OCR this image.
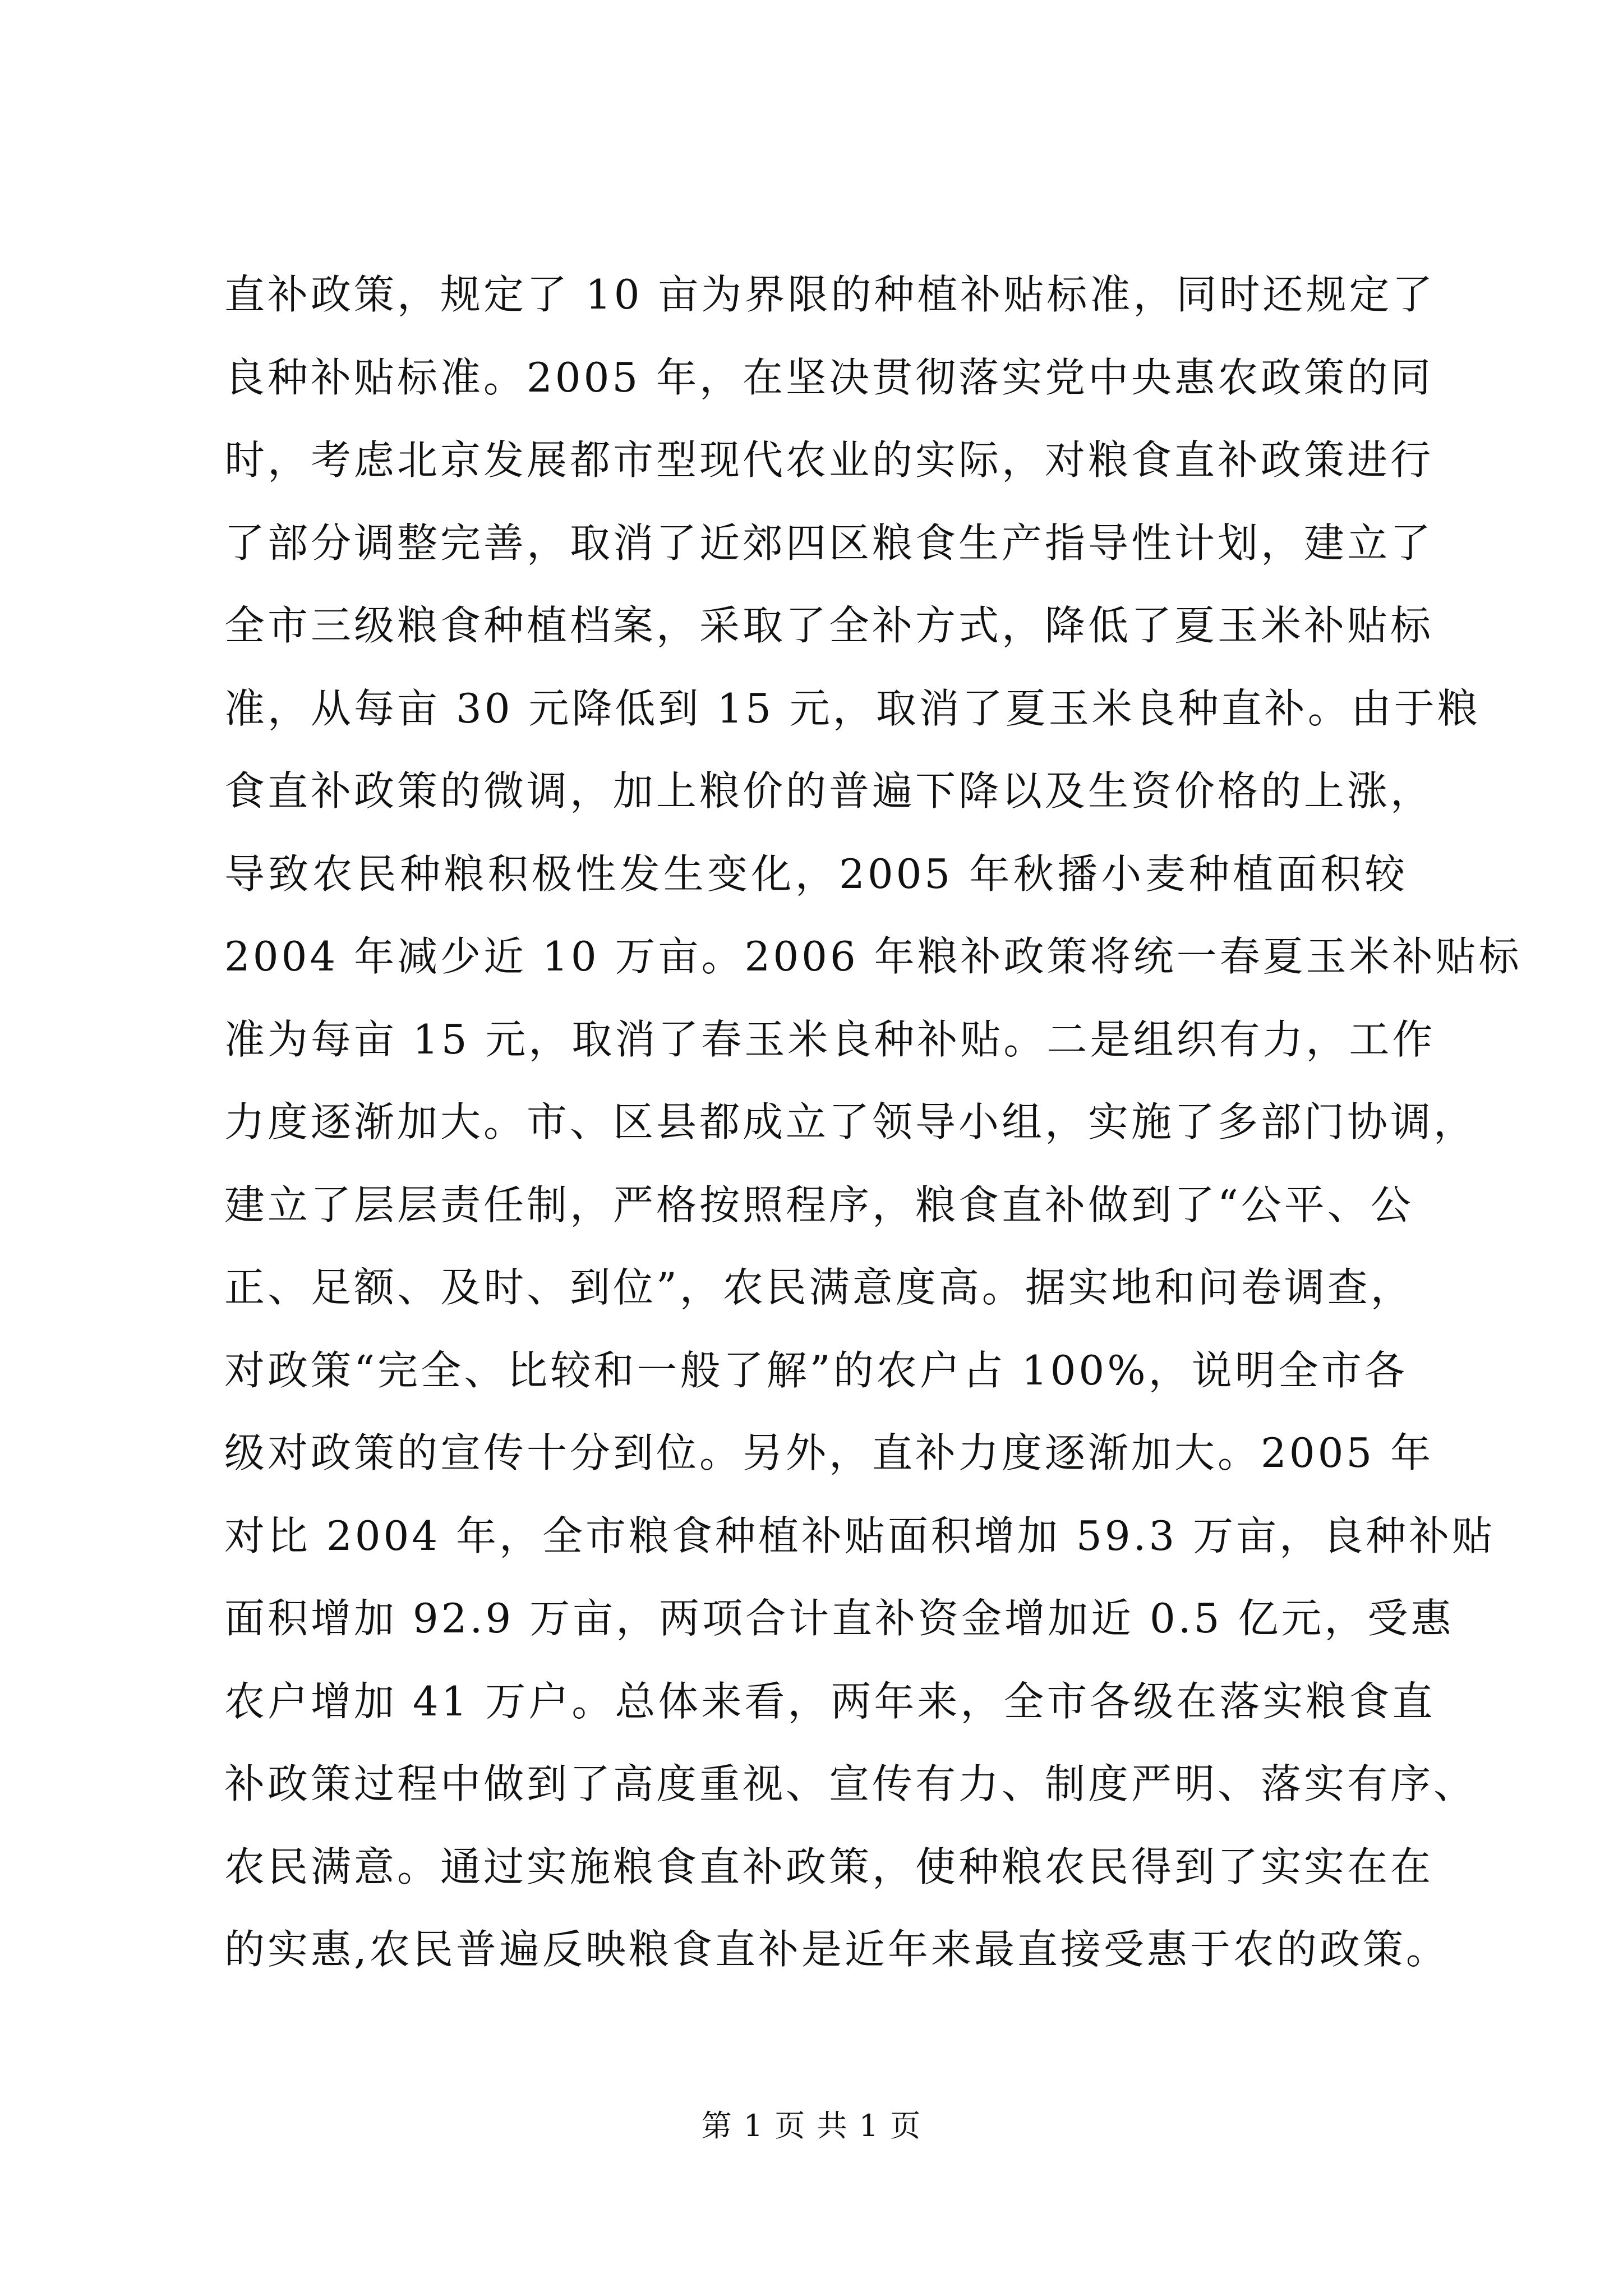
直补政策，规定了 10 亩为界限的种植补贴标准，同时还规定了
良种补贴标准。2005 年，在坚决贯彻落实党中央惠农政策的同
时，考虑北京发展都市型现代农业的实际，对粮食直补政策进行
了部分调整完善，取消了近郊四区粮食生产指导性计划，建立了
全市三级粮食种植档案，采取了全补方式，降低了夏玉米补贴标
准，从每亩 30 元降低到 15 元，取消了夏玉米良种直补。由于粮
食直补政策的微调，加上粮价的普遍下降以及生资价格的上涨，
导致农民种粮积极性发生变化，2005 年秋播小麦种植面积较
2004 年减少近 10 万亩。2006 年粮补政策将统一春夏玉米补贴标
准为每亩 15 元，取消了春玉米良种补贴。二是组织有力，工作
力度逐渐加大。市、区县都成立了领导小组，实施了多部门协调，
建立了层层责任制，严格按照程序，粮食直补做到了“公平、公
正、足额、及时、到位”，农民满意度高。据实地和问卷调查，
对政策“完全、比较和一般了解”的农户占 100%，说明全市各
级对政策的宣传十分到位。另外，直补力度逐渐加大。2005 年
对比 2004 年，全市粮食种植补贴面积增加 59.3 万亩，良种补贴
面积增加 92.9 万亩，两项合计直补资金增加近 0.5 亿元，受惠
农户增加 41 万户。总体来看，两年来，全市各级在落实粮食直
补政策过程中做到了高度重视、宣传有力、制度严明、落实有序、
农民满意。通过实施粮食直补政策，使种粮农民得到了实实在在
的实惠,农民普遍反映粮食直补是近年来最直接受惠于农的政策。
第 1 页 共 1 页
